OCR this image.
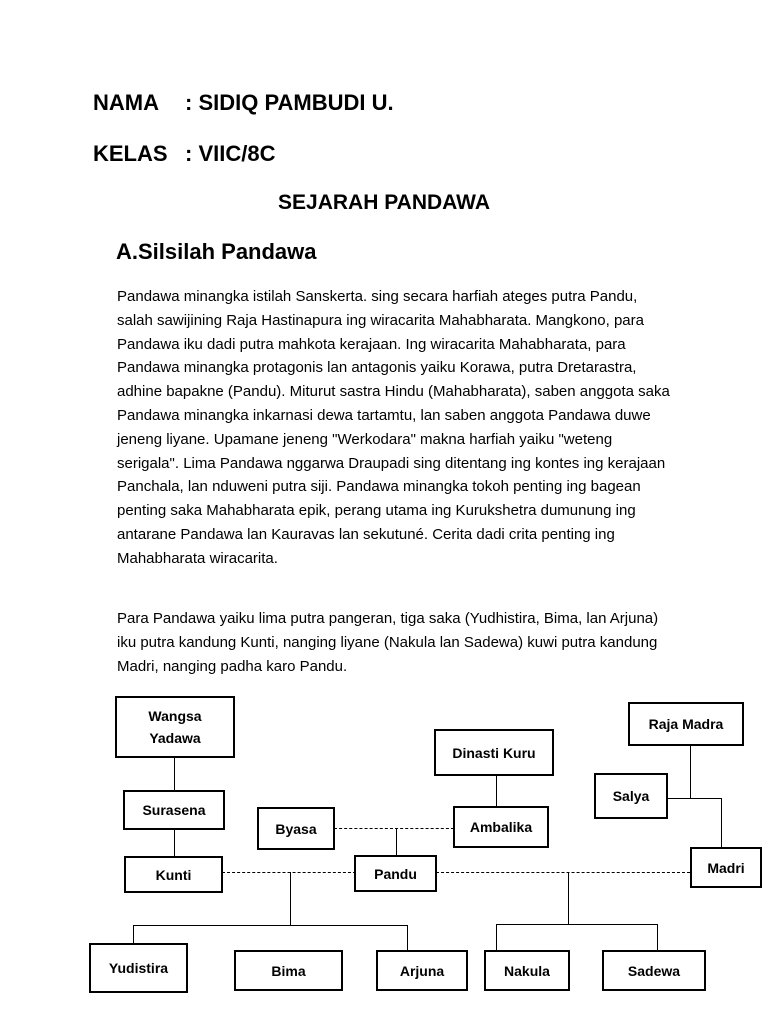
NAMA : SIDIQ PAMBUDI U.
KELAS : VIIC/8C
SEJARAH PANDAWA
A.Silsilah Pandawa

Pandawa minangka istilah Sanskerta. sing secara harfiah ateges putra Pandu, salah sawijining Raja Hastinapura ing wiracarita Mahabharata. Mangkono, para Pandawa iku dadi putra mahkota kerajaan. Ing wiracarita Mahabharata, para Pandawa minangka protagonis lan antagonis yaiku Korawa, putra Dretarastra, adhine bapakne (Pandu). Miturut sastra Hindu (Mahabharata), saben anggota saka Pandawa minangka inkarnasi dewa tartamtu, lan saben anggota Pandawa duwe jeneng liyane. Upamane jeneng "Werkodara" makna harfiah yaiku "weteng serigala". Lima Pandawa nggarwa Draupadi sing ditentang ing kontes ing kerajaan Panchala, lan nduweni putra siji. Pandawa minangka tokoh penting ing bagean penting saka Mahabharata epik, perang utama ing Kurukshetra dumunung ing antarane Pandawa lan Kauravas lan sekutuné. Cerita dadi crita penting ing Mahabharata wiracarita.

Para Pandawa yaiku lima putra pangeran, tiga saka (Yudhistira, Bima, lan Arjuna) iku putra kandung Kunti, nanging liyane (Nakula lan Sadewa) kuwi putra kandung Madri, nanging padha karo Pandu.

Wangsa
Yadawa
Dinasti Kuru
Raja Madra
Salya
Surasena
Byasa	Ambalika
Kunti	Pandu	Madri
Yudistira	Bima	Arjuna	Nakula	Sadewa
